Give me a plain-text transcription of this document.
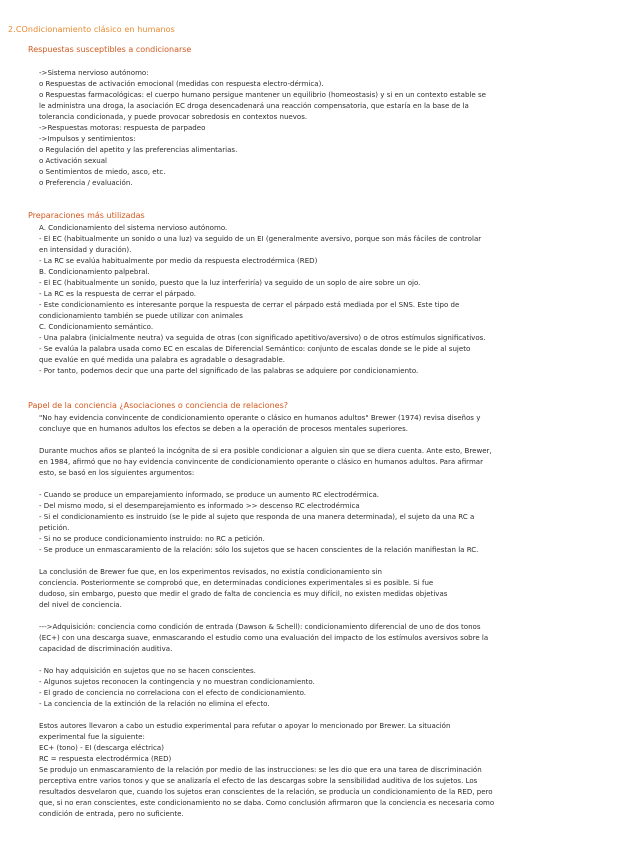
2.COndicionamiento clásico en humanos
Respuestas susceptibles a condicionarse
->Sistema nervioso autónomo:
o Respuestas de activación emocional (medidas con respuesta electro-dérmica).
o Respuestas farmacológicas: el cuerpo humano persigue mantener un equilibrio (homeostasis) y si en un contexto estable se
le administra una droga, la asociación EC droga desencadenará una reacción compensatoria, que estaría en la base de la
tolerancia condicionada, y puede provocar sobredosis en contextos nuevos.
->Respuestas motoras: respuesta de parpadeo
->Impulsos y sentimientos:
o Regulación del apetito y las preferencias alimentarias.
o Activación sexual
o Sentimientos de miedo, asco, etc.
o Preferencia / evaluación.
Preparaciones más utilizadas
A. Condicionamiento del sistema nervioso autónomo.
- El EC (habitualmente un sonido o una luz) va seguido de un EI (generalmente aversivo, porque son más fáciles de controlar
en intensidad y duración).
- La RC se evalúa habitualmente por medio da respuesta electrodérmica (RED)
B. Condicionamiento palpebral.
- El EC (habitualmente un sonido, puesto que la luz interferiría) va seguido de un soplo de aire sobre un ojo.
- La RC es la respuesta de cerrar el párpado.
- Este condicionamiento es interesante porque la respuesta de cerrar el párpado está mediada por el SNS. Este tipo de
condicionamiento también se puede utilizar con animales
C. Condicionamiento semántico.
- Una palabra (inicialmente neutra) va seguida de otras (con significado apetitivo/aversivo) o de otros estímulos significativos.
- Se evalúa la palabra usada como EC en escalas de Diferencial Semántico: conjunto de escalas donde se le pide al sujeto
que evalúe en qué medida una palabra es agradable o desagradable.
- Por tanto, podemos decir que una parte del significado de las palabras se adquiere por condicionamiento.
Papel de la conciencia ¿Asociaciones o conciencia de relaciones?
"No hay evidencia convincente de condicionamiento operante o clásico en humanos adultos" Brewer (1974) revisa diseños y
concluye que en humanos adultos los efectos se deben a la operación de procesos mentales superiores.
Durante muchos años se planteó la incógnita de si era posible condicionar a alguien sin que se diera cuenta. Ante esto, Brewer,
en 1984, afirmó que no hay evidencia convincente de condicionamiento operante o clásico en humanos adultos. Para afirmar
esto, se basó en los siguientes argumentos:
- Cuando se produce un emparejamiento informado, se produce un aumento RC electrodérmica.
- Del mismo modo, si el desemparejamiento es informado >> descenso RC electrodérmica
- Si el condicionamiento es instruido (se le pide al sujeto que responda de una manera determinada), el sujeto da una RC a
petición.
- Si no se produce condicionamiento instruido: no RC a petición.
- Se produce un enmascaramiento de la relación: sólo los sujetos que se hacen conscientes de la relación manifiestan la RC.
La conclusión de Brewer fue que, en los experimentos revisados, no existía condicionamiento sin
conciencia. Posteriormente se comprobó que, en determinadas condiciones experimentales si es posible. Si fue
dudoso, sin embargo, puesto que medir el grado de falta de conciencia es muy difícil, no existen medidas objetivas
del nivel de conciencia.
--->Adquisición: conciencia como condición de entrada (Dawson & Schell): condicionamiento diferencial de uno de dos tonos
(EC+) con una descarga suave, enmascarando el estudio como una evaluación del impacto de los estímulos aversivos sobre la
capacidad de discriminación auditiva.
- No hay adquisición en sujetos que no se hacen conscientes.
- Algunos sujetos reconocen la contingencia y no muestran condicionamiento.
- El grado de conciencia no correlaciona con el efecto de condicionamiento.
- La conciencia de la extinción de la relación no elimina el efecto.
Estos autores llevaron a cabo un estudio experimental para refutar o apoyar lo mencionado por Brewer. La situación
experimental fue la siguiente:
EC+ (tono) - EI (descarga eléctrica)
RC = respuesta electrodérmica (RED)
Se produjo un enmascaramiento de la relación por medio de las instrucciones: se les dio que era una tarea de discriminación
perceptiva entre varios tonos y que se analizaría el efecto de las descargas sobre la sensibilidad auditiva de los sujetos. Los
resultados desvelaron que, cuando los sujetos eran conscientes de la relación, se producía un condicionamiento de la RED, pero
que, si no eran conscientes, este condicionamiento no se daba. Como conclusión afirmaron que la conciencia es necesaria como
condición de entrada, pero no suficiente.
